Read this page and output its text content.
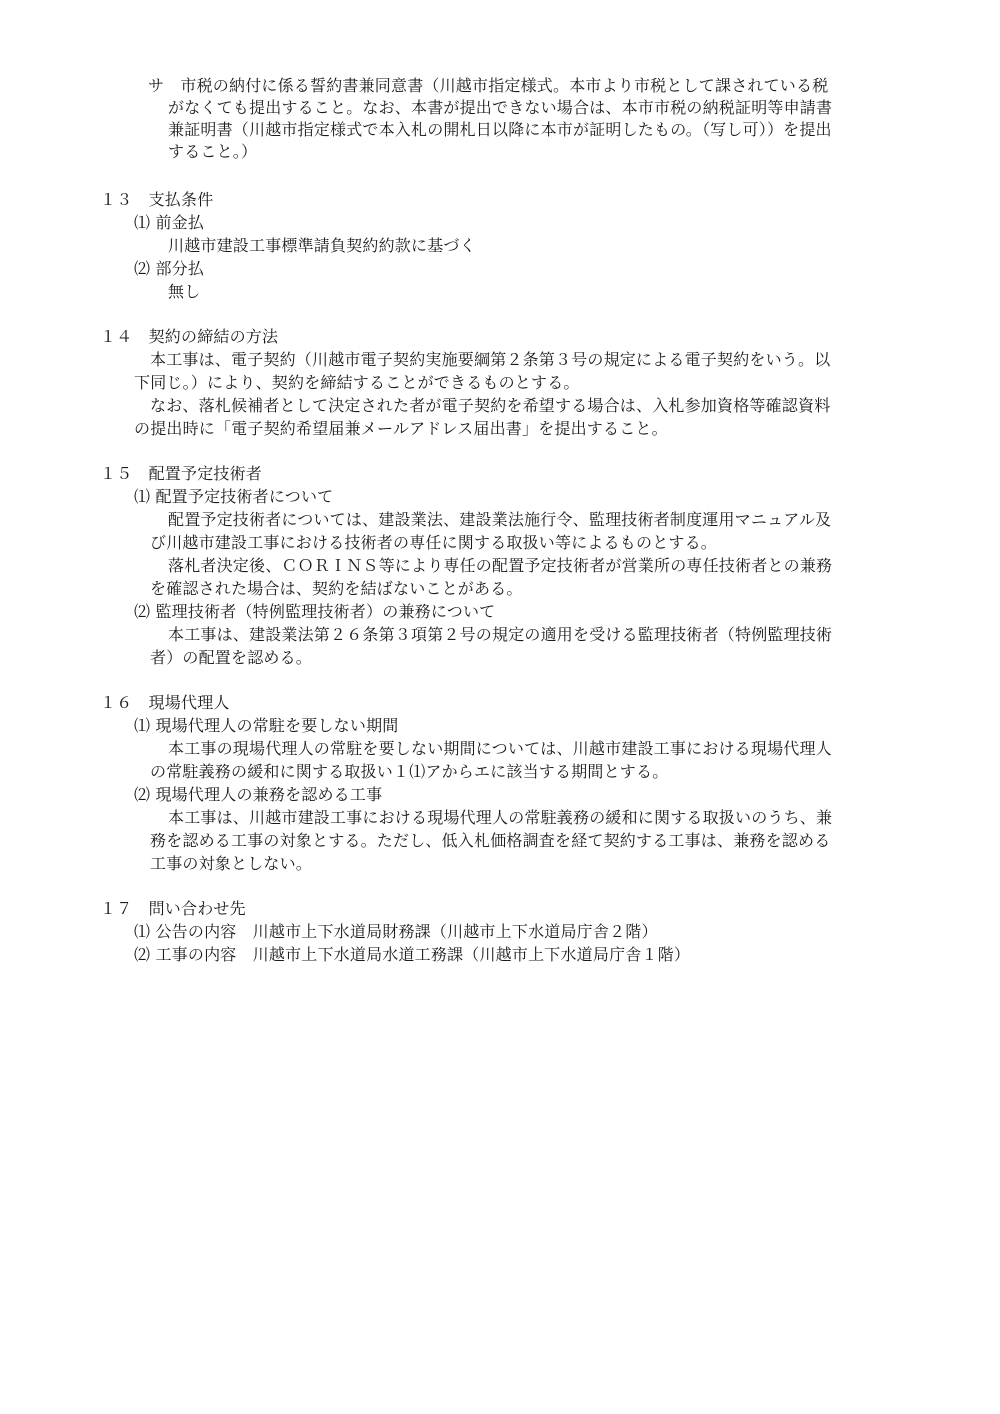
サ　市税の納付に係る誓約書兼同意書（川越市指定様式。本市より市税として課されている税
がなくても提出すること。なお、本書が提出できない場合は、本市市税の納税証明等申請書
兼証明書（川越市指定様式で本入札の開札日以降に本市が証明したもの。（写し可））を提出
すること。）
１３　支払条件
⑴ 前金払
川越市建設工事標準請負契約約款に基づく
⑵ 部分払
無し
１４　契約の締結の方法
本工事は、電子契約（川越市電子契約実施要綱第２条第３号の規定による電子契約をいう。以
下同じ。）により、契約を締結することができるものとする。
なお、落札候補者として決定された者が電子契約を希望する場合は、入札参加資格等確認資料
の提出時に「電子契約希望届兼メールアドレス届出書」を提出すること。
１５　配置予定技術者
⑴ 配置予定技術者について
配置予定技術者については、建設業法、建設業法施行令、監理技術者制度運用マニュアル及
び川越市建設工事における技術者の専任に関する取扱い等によるものとする。
落札者決定後、ＣＯＲＩＮＳ等により専任の配置予定技術者が営業所の専任技術者との兼務
を確認された場合は、契約を結ばないことがある。
⑵ 監理技術者（特例監理技術者）の兼務について
本工事は、建設業法第２６条第３項第２号の規定の適用を受ける監理技術者（特例監理技術
者）の配置を認める。
１６　現場代理人
⑴ 現場代理人の常駐を要しない期間
本工事の現場代理人の常駐を要しない期間については、川越市建設工事における現場代理人
の常駐義務の緩和に関する取扱い１⑴アからエに該当する期間とする。
⑵ 現場代理人の兼務を認める工事
本工事は、川越市建設工事における現場代理人の常駐義務の緩和に関する取扱いのうち、兼
務を認める工事の対象とする。ただし、低入札価格調査を経て契約する工事は、兼務を認める
工事の対象としない。
１７　問い合わせ先
⑴ 公告の内容　川越市上下水道局財務課（川越市上下水道局庁舎２階）
⑵ 工事の内容　川越市上下水道局水道工務課（川越市上下水道局庁舎１階）
